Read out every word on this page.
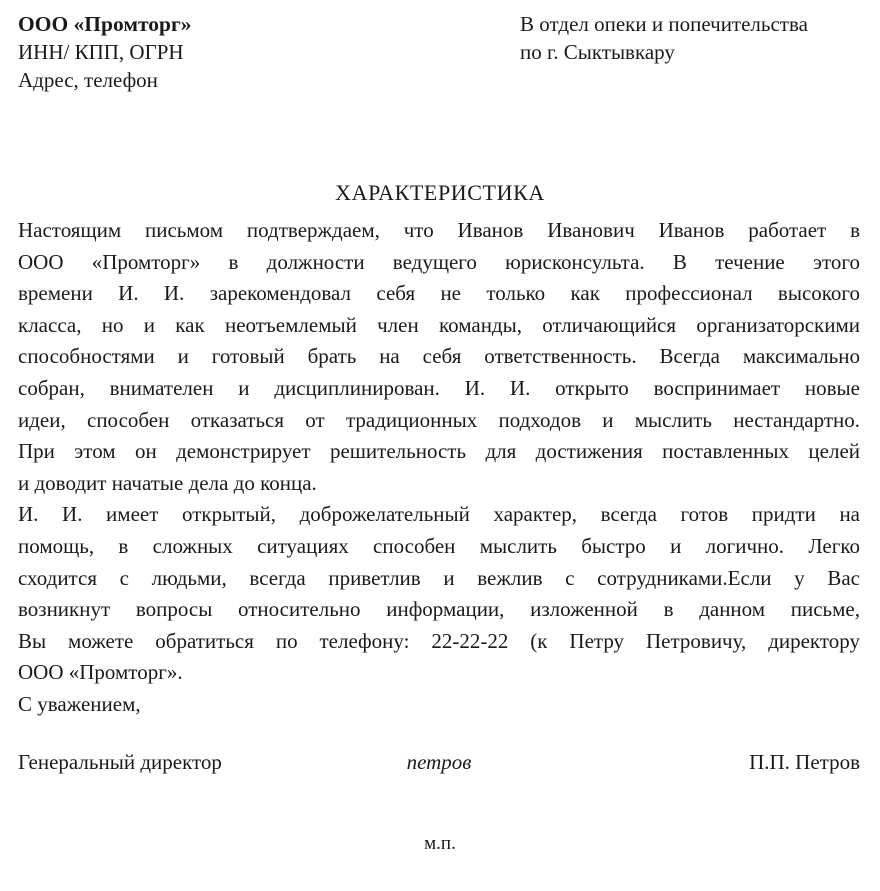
ООО «Промторг»
ИНН/ КПП, ОГРН
Адрес, телефон
В отдел опеки и попечительства
по г. Сыктывкару
ХАРАКТЕРИСТИКА
Настоящим письмом подтверждаем, что Иванов Иванович Иванов работает в
ООО «Промторг» в должности ведущего юрисконсульта. В течение этого
времени И. И. зарекомендовал себя не только как профессионал высокого
класса, но и как неотъемлемый член команды, отличающийся организаторскими
способностями и готовый брать на себя ответственность. Всегда максимально
собран, внимателен и дисциплинирован. И. И. открыто воспринимает новые
идеи, способен отказаться от традиционных подходов и мыслить нестандартно.
При этом он демонстрирует решительность для достижения поставленных целей
и доводит начатые дела до конца.
И. И. имеет открытый, доброжелательный характер, всегда готов придти на
помощь, в сложных ситуациях способен мыслить быстро и логично. Легко
сходится с людьми, всегда приветлив и вежлив с сотрудниками.Если у Вас
возникнут вопросы относительно информации, изложенной в данном письме,
Вы можете обратиться по телефону: 22-22-22 (к Петру Петровичу, директору
ООО «Промторг».
С уважением,
Генеральный директор	петров	П.П. Петров
м.п.
